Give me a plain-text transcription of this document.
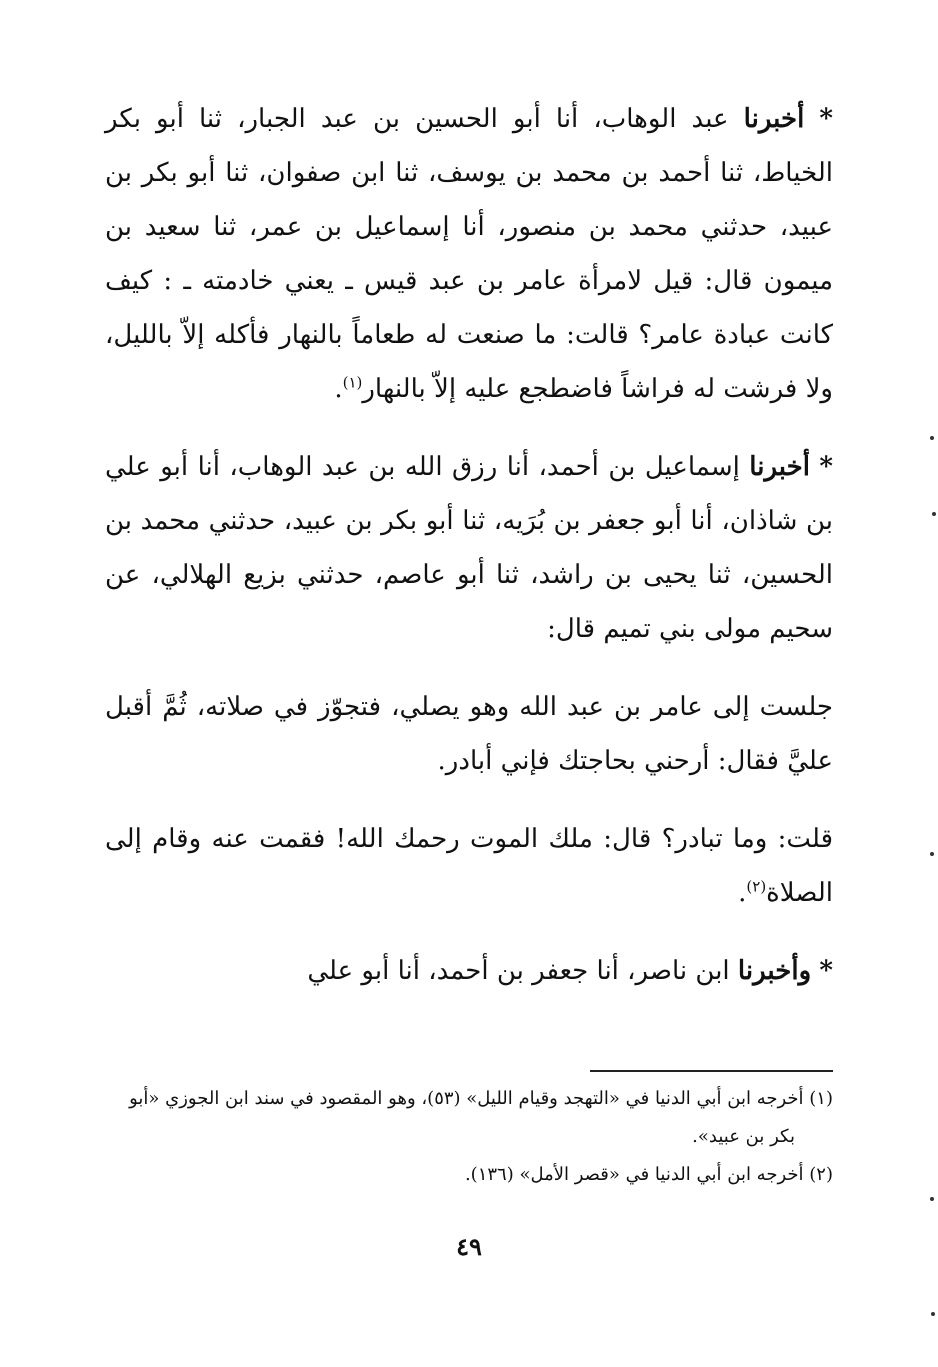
* أخبرنا عبد الوهاب، أنا أبو الحسين بن عبد الجبار، ثنا أبو بكر الخياط، ثنا أحمد بن محمد بن يوسف، ثنا ابن صفوان، ثنا أبو بكر بن عبيد، حدثني محمد بن منصور، أنا إسماعيل بن عمر، ثنا سعيد بن ميمون قال: قيل لامرأة عامر بن عبد قيس ـ يعني خادمته ـ : كيف كانت عبادة عامر؟ قالت: ما صنعت له طعاماً بالنهار فأكله إلاّ بالليل، ولا فرشت له فراشاً فاضطجع عليه إلاّ بالنهار$^{(١)}$.

* أخبرنا إسماعيل بن أحمد، أنا رزق الله بن عبد الوهاب، أنا أبو علي بن شاذان، أنا أبو جعفر بن بُرَيه، ثنا أبو بكر بن عبيد، حدثني محمد بن الحسين، ثنا يحيى بن راشد، ثنا أبو عاصم، حدثني بزيع الهلالي، عن سحيم مولى بني تميم قال:

جلست إلى عامر بن عبد الله وهو يصلي، فتجوّز في صلاته، ثُمَّ أقبل عليَّ فقال: أرحني بحاجتك فإني أبادر.

قلت: وما تبادر؟ قال: ملك الموت رحمك الله! فقمت عنه وقام إلى الصلاة$^{(٢)}$.

* وأخبرنا ابن ناصر، أنا جعفر بن أحمد، أنا أبو علي

(١) أخرجه ابن أبي الدنيا في «التهجد وقيام الليل» (٥٣)، وهو المقصود في سند ابن الجوزي «أبو بكر بن عبيد».

(٢) أخرجه ابن أبي الدنيا في «قصر الأمل» (١٣٦).

٤٩
